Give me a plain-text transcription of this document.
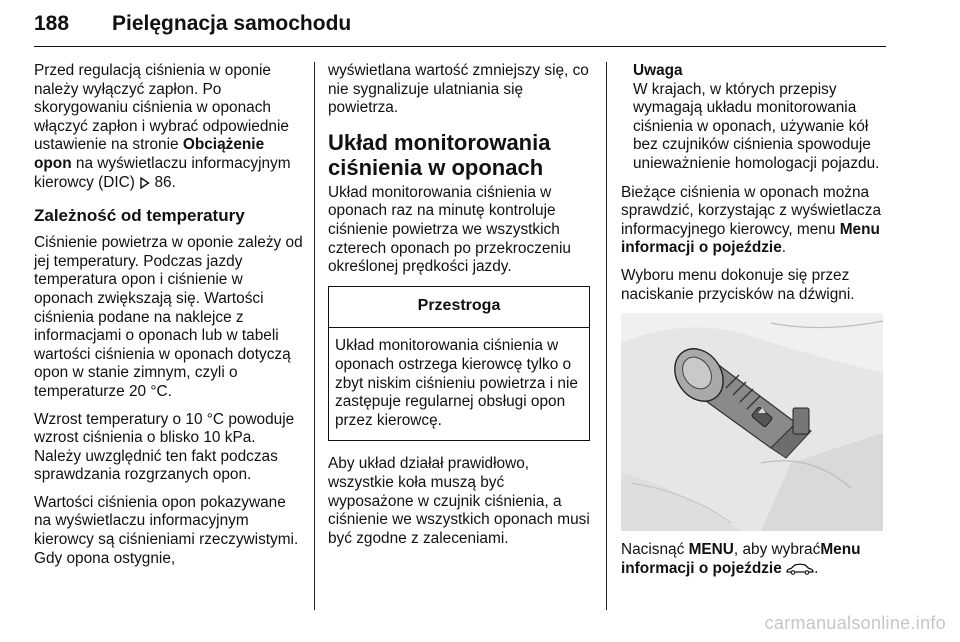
188 Pielęgnacja samochodu

Przed regulacją ciśnienia w oponie należy wyłączyć zapłon. Po skorygowaniu ciśnienia w oponach włączyć zapłon i wybrać odpowiednie ustawienie na stronie Obciążenie opon na wyświetlaczu informacyjnym kierowcy (DIC)  86.

Zależność od temperatury

Ciśnienie powietrza w oponie zależy od jej temperatury. Podczas jazdy temperatura opon i ciśnienie w oponach zwiększają się. Wartości ciśnienia podane na naklejce z informacjami o oponach lub w tabeli wartości ciśnienia w oponach dotyczą opon w stanie zimnym, czyli o temperaturze 20 °C.

Wzrost temperatury o 10 °C powoduje wzrost ciśnienia o blisko 10 kPa. Należy uwzględnić ten fakt podczas sprawdzania rozgrzanych opon.

Wartości ciśnienia opon pokazywane na wyświetlaczu informacyjnym kierowcy są ciśnieniami rzeczywistymi. Gdy opona ostygnie,

wyświetlana wartość zmniejszy się, co nie sygnalizuje ulatniania się powietrza.

Układ monitorowania ciśnienia w oponach

Układ monitorowania ciśnienia w oponach raz na minutę kontroluje ciśnienie powietrza we wszystkich czterech oponach po przekroczeniu określonej prędkości jazdy.

Przestroga
Układ monitorowania ciśnienia w oponach ostrzega kierowcę tylko o zbyt niskim ciśnieniu powietrza i nie zastępuje regularnej obsługi opon przez kierowcę.

Aby układ działał prawidłowo, wszystkie koła muszą być wyposażone w czujnik ciśnienia, a ciśnienie we wszystkich oponach musi być zgodne z zaleceniami.

Uwaga
W krajach, w których przepisy wymagają układu monitorowania ciśnienia w oponach, używanie kół bez czujników ciśnienia spowoduje unieważnienie homologacji pojazdu.

Bieżące ciśnienia w oponach można sprawdzić, korzystając z wyświetlacza informacyjnego kierowcy, menu Menu informacji o pojeździe.

Wyboru menu dokonuje się przez naciskanie przycisków na dźwigni.

Nacisnąć MENU, aby wybraćMenu informacji o pojeździe .

carmanualsonline.info
